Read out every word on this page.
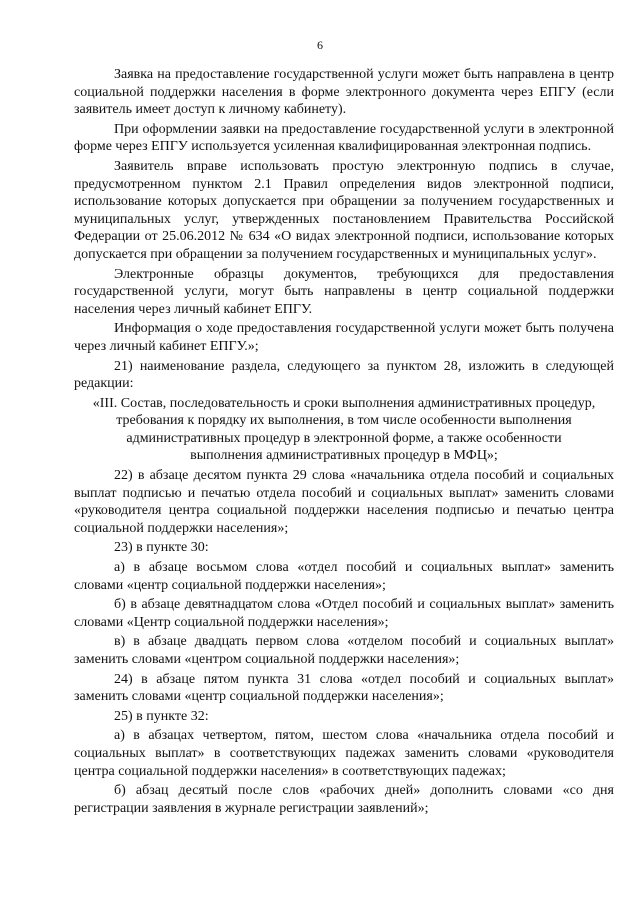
6

Заявка на предоставление государственной услуги может быть направлена в центр социальной поддержки населения в форме электронного документа через ЕПГУ (если заявитель имеет доступ к личному кабинету).

При оформлении заявки на предоставление государственной услуги в электронной форме через ЕПГУ используется усиленная квалифицированная электронная подпись.

Заявитель вправе использовать простую электронную подпись в случае, предусмотренном пунктом 2.1 Правил определения видов электронной подписи, использование которых допускается при обращении за получением государственных и муниципальных услуг, утвержденных постановлением Правительства Российской Федерации от 25.06.2012 № 634 «О видах электронной подписи, использование которых допускается при обращении за получением государственных и муниципальных услуг».

Электронные образцы документов, требующихся для предоставления государственной услуги, могут быть направлены в центр социальной поддержки населения через личный кабинет ЕПГУ.

Информация о ходе предоставления государственной услуги может быть получена через личный кабинет ЕПГУ.»;

21) наименование раздела, следующего за пунктом 28, изложить в следующей редакции:

«III. Состав, последовательность и сроки выполнения административных процедур, требования к порядку их выполнения, в том числе особенности выполнения административных процедур в электронной форме, а также особенности выполнения административных процедур в МФЦ»;

22) в абзаце десятом пункта 29 слова «начальника отдела пособий и социальных выплат подписью и печатью отдела пособий и социальных выплат» заменить словами «руководителя центра социальной поддержки населения подписью и печатью центра социальной поддержки населения»;

23) в пункте 30:

а) в абзаце восьмом слова «отдел пособий и социальных выплат» заменить словами «центр социальной поддержки населения»;

б) в абзаце девятнадцатом слова «Отдел пособий и социальных выплат» заменить словами «Центр социальной поддержки населения»;

в) в абзаце двадцать первом слова «отделом пособий и социальных выплат» заменить словами «центром социальной поддержки населения»;

24) в абзаце пятом пункта 31 слова «отдел пособий и социальных выплат» заменить словами «центр социальной поддержки населения»;

25) в пункте 32:

а) в абзацах четвертом, пятом, шестом слова «начальника отдела пособий и социальных выплат» в соответствующих падежах заменить словами «руководителя центра социальной поддержки населения» в соответствующих падежах;

б) абзац десятый после слов «рабочих дней» дополнить словами «со дня регистрации заявления в журнале регистрации заявлений»;
